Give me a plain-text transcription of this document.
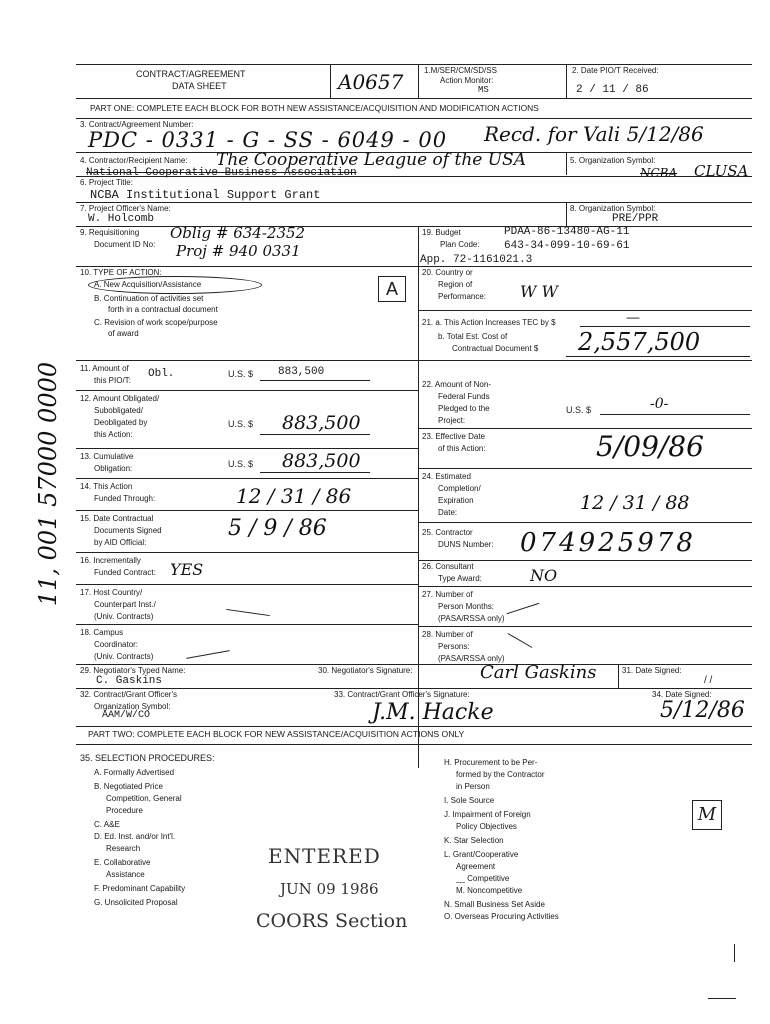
11, 001 57000 0000
CONTRACT/AGREEMENT
DATA SHEET	A0657	1.M/SER/CM/SD/SS
Action Monitor:
MS
2. Date PIO/T Received:
2 / 11 / 86
PART ONE: COMPLETE EACH BLOCK FOR BOTH NEW ASSISTANCE/ACQUISITION AND MODIFICATION ACTIONS
3. Contract/Agreement Number:
PDC - 0331 - G - SS - 6049 - 00 Recd. for Vali 5/12/86
4. Contractor/Recipient Name: The Cooperative League of the USA
National Cooperative Business Association
5. Organization Symbol:
NCBA CLUSA
6. Project Title:
NCBA Institutional Support Grant
7. Project Officer's Name:
W. Holcomb
8. Organization Symbol:
PRE/PPR
9. Requisitioning
Document ID No:
Oblig # 634-2352
Proj # 940 0331
19. Budget
Plan Code:
PDAA-86-13480-AG-11
643-34-099-10-69-61
App. 72-1161021.3
10. TYPE OF ACTION:
A. New Acquisition/Assistance
B. Continuation of activities set
forth in a contractual document
C. Revision of work scope/purpose
of award
A
20. Country or
Region of
Performance: W W
21. a. This Action Increases TEC by $	—
b. Total Est. Cost of
Contractual Document $ 2,557,500
11. Amount of
this PIO/T:
Obl.	U.S. $ 883,500
22. Amount of Non-
Federal Funds
Pledged to the
Project:
U.S. $	-0-
12. Amount Obligated/
Subobligated/
Deobligated by
this Action:
U.S. $ 883,500
23. Effective Date
of this Action:	5/09/86
13. Cumulative
Obligation:	U.S. $ 883,500
14. This Action
Funded Through:	12 / 31 / 86
24. Estimated
Completion/
Expiration
Date:	12 / 31 / 88
15. Date Contractual
Documents Signed
by AID Official:
5 / 9 / 86	25. Contractor
DUNS Number: 074925978
16. Incrementally
Funded Contract: YES	26. Consultant
Type Award:	NO
17. Host Country/
Counterpart Inst./
(Univ. Contracts)
27. Number of
Person Months:
(PASA/RSSA only)
18. Campus
Coordinator:
(Univ. Contracts)
28. Number of
Persons:
(PASA/RSSA only)
29. Negotiator's Typed Name:
C. Gaskins
30. Negotiator's Signature:	Carl Gaskins	31. Date Signed:
/ /
32. Contract/Grant Officer's
Organization Symbol:
AAM/W/CO
33. Contract/Grant Officer's Signature:
J.M. Hacke
34. Date Signed:
5/12/86
PART TWO: COMPLETE EACH BLOCK FOR NEW ASSISTANCE/ACQUISITION ACTIONS ONLY
35. SELECTION PROCEDURES:
A. Formally Advertised
B. Negotiated Price
Competition, General
Procedure
C. A&E
D. Ed. Inst. and/or Int'l.
Research
E. Collaborative
Assistance
F. Predominant Capability
G. Unsolicited Proposal
H. Procurement to be Per-
formed by the Contractor
in Person
I. Sole Source
J. Impairment of Foreign
Policy Objectives
K. Star Selection
L. Grant/Cooperative
Agreement
__ Competitive
M. Noncompetitive
N. Small Business Set Aside
O. Overseas Procuring Activities
M
ENTERED
JUN 09 1986
COORS Section
